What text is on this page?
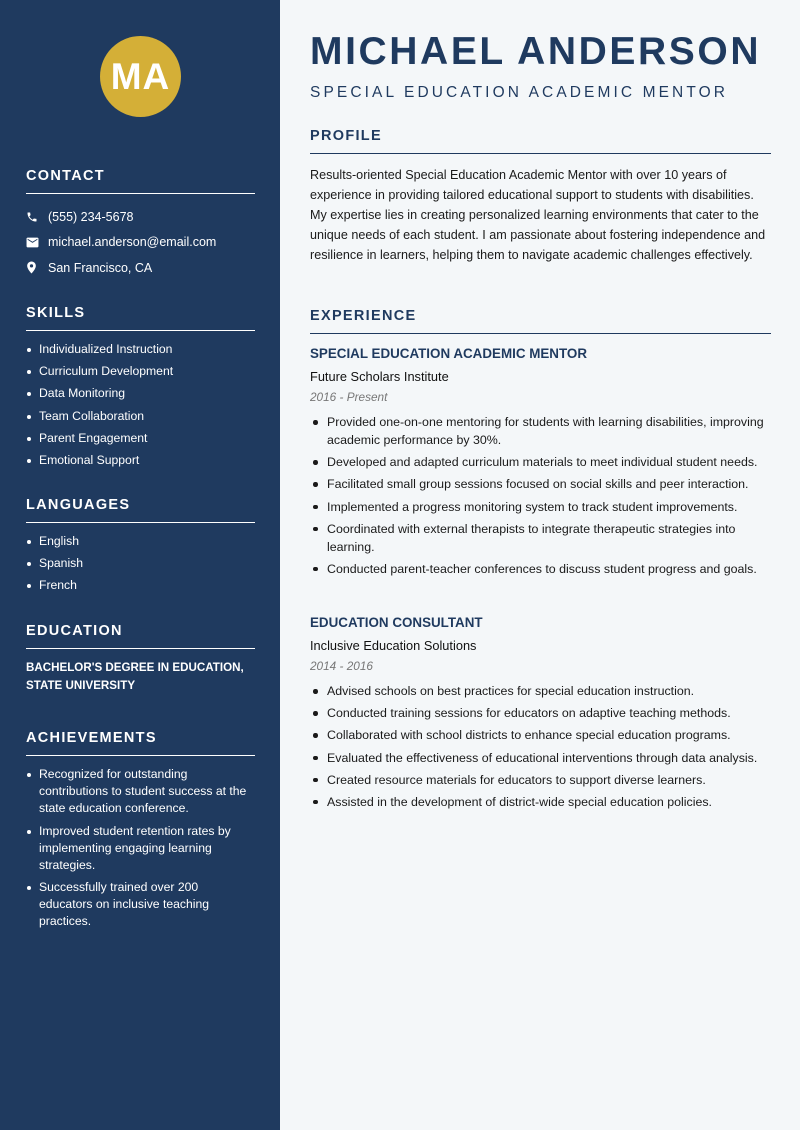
MA
CONTACT
(555) 234-5678
michael.anderson@email.com
San Francisco, CA
SKILLS
Individualized Instruction
Curriculum Development
Data Monitoring
Team Collaboration
Parent Engagement
Emotional Support
LANGUAGES
English
Spanish
French
EDUCATION
BACHELOR'S DEGREE IN EDUCATION, STATE UNIVERSITY
ACHIEVEMENTS
Recognized for outstanding contributions to student success at the state education conference.
Improved student retention rates by implementing engaging learning strategies.
Successfully trained over 200 educators on inclusive teaching practices.
MICHAEL ANDERSON
SPECIAL EDUCATION ACADEMIC MENTOR
PROFILE

Results-oriented Special Education Academic Mentor with over 10 years of experience in providing tailored educational support to students with disabilities. My expertise lies in creating personalized learning environments that cater to the unique needs of each student. I am passionate about fostering independence and resilience in learners, helping them to navigate academic challenges effectively.

EXPERIENCE
SPECIAL EDUCATION ACADEMIC MENTOR
Future Scholars Institute
2016 - Present
Provided one-on-one mentoring for students with learning disabilities, improving academic performance by 30%.
Developed and adapted curriculum materials to meet individual student needs.
Facilitated small group sessions focused on social skills and peer interaction.
Implemented a progress monitoring system to track student improvements.
Coordinated with external therapists to integrate therapeutic strategies into learning.
Conducted parent-teacher conferences to discuss student progress and goals.
EDUCATION CONSULTANT
Inclusive Education Solutions
2014 - 2016
Advised schools on best practices for special education instruction.
Conducted training sessions for educators on adaptive teaching methods.
Collaborated with school districts to enhance special education programs.
Evaluated the effectiveness of educational interventions through data analysis.
Created resource materials for educators to support diverse learners.
Assisted in the development of district-wide special education policies.
